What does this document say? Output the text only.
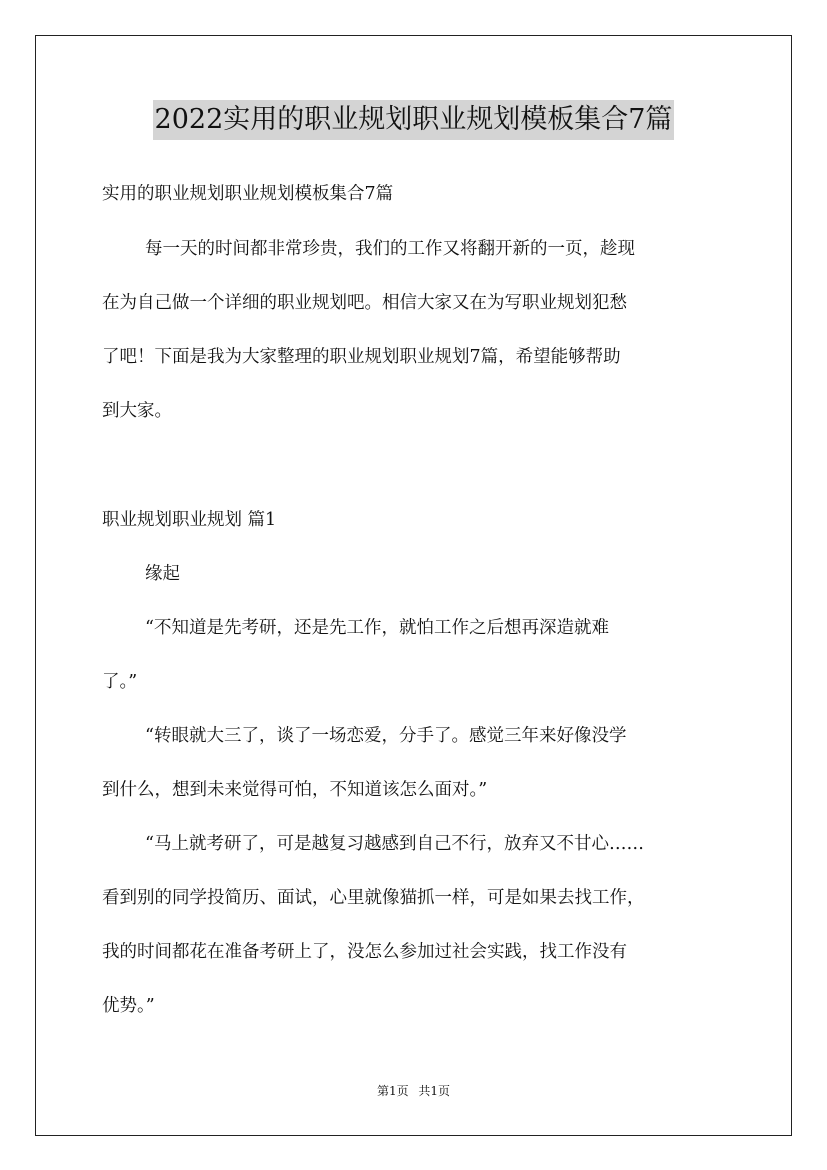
2022实用的职业规划职业规划模板集合7篇
实用的职业规划职业规划模板集合7篇
每一天的时间都非常珍贵，我们的工作又将翻开新的一页，趁现
在为自己做一个详细的职业规划吧。相信大家又在为写职业规划犯愁
了吧！下面是我为大家整理的职业规划职业规划7篇，希望能够帮助
到大家。
职业规划职业规划 篇1
缘起
“不知道是先考研，还是先工作，就怕工作之后想再深造就难
了。”
“转眼就大三了，谈了一场恋爱，分手了。感觉三年来好像没学
到什么，想到未来觉得可怕，不知道该怎么面对。”
“马上就考研了，可是越复习越感到自己不行，放弃又不甘心……
看到别的同学投简历、面试，心里就像猫抓一样，可是如果去找工作，
我的时间都花在准备考研上了，没怎么参加过社会实践，找工作没有
优势。”
第1页 共1页
